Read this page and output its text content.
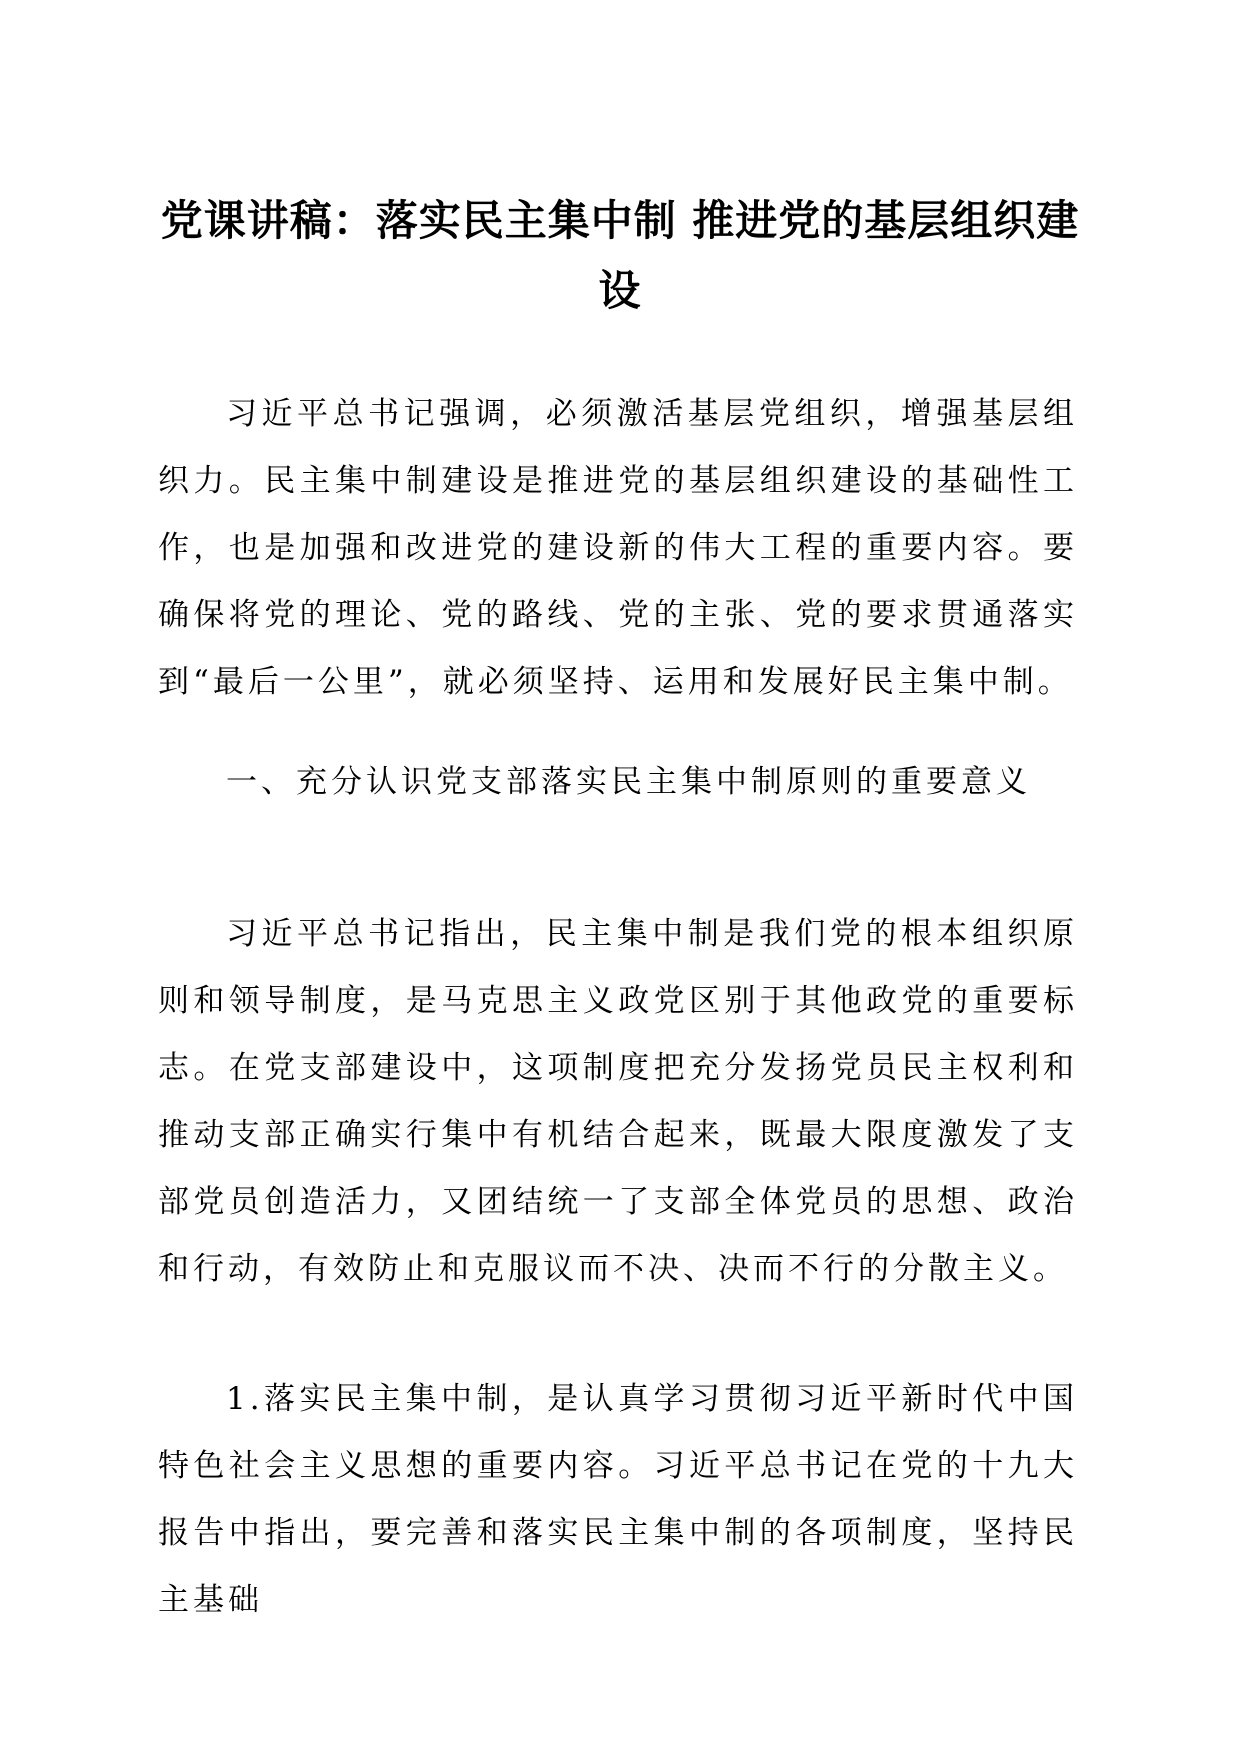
党课讲稿：落实民主集中制 推进党的基层组织建设

习近平总书记强调，必须激活基层党组织，增强基层组织力。民主集中制建设是推进党的基层组织建设的基础性工作，也是加强和改进党的建设新的伟大工程的重要内容。要确保将党的理论、党的路线、党的主张、党的要求贯通落实到“最后一公里”，就必须坚持、运用和发展好民主集中制。

一、充分认识党支部落实民主集中制原则的重要意义

习近平总书记指出，民主集中制是我们党的根本组织原则和领导制度，是马克思主义政党区别于其他政党的重要标志。在党支部建设中，这项制度把充分发扬党员民主权利和推动支部正确实行集中有机结合起来，既最大限度激发了支部党员创造活力，又团结统一了支部全体党员的思想、政治和行动，有效防止和克服议而不决、决而不行的分散主义。

1.落实民主集中制，是认真学习贯彻习近平新时代中国特色社会主义思想的重要内容。习近平总书记在党的十九大报告中指出，要完善和落实民主集中制的各项制度，坚持民主基础
